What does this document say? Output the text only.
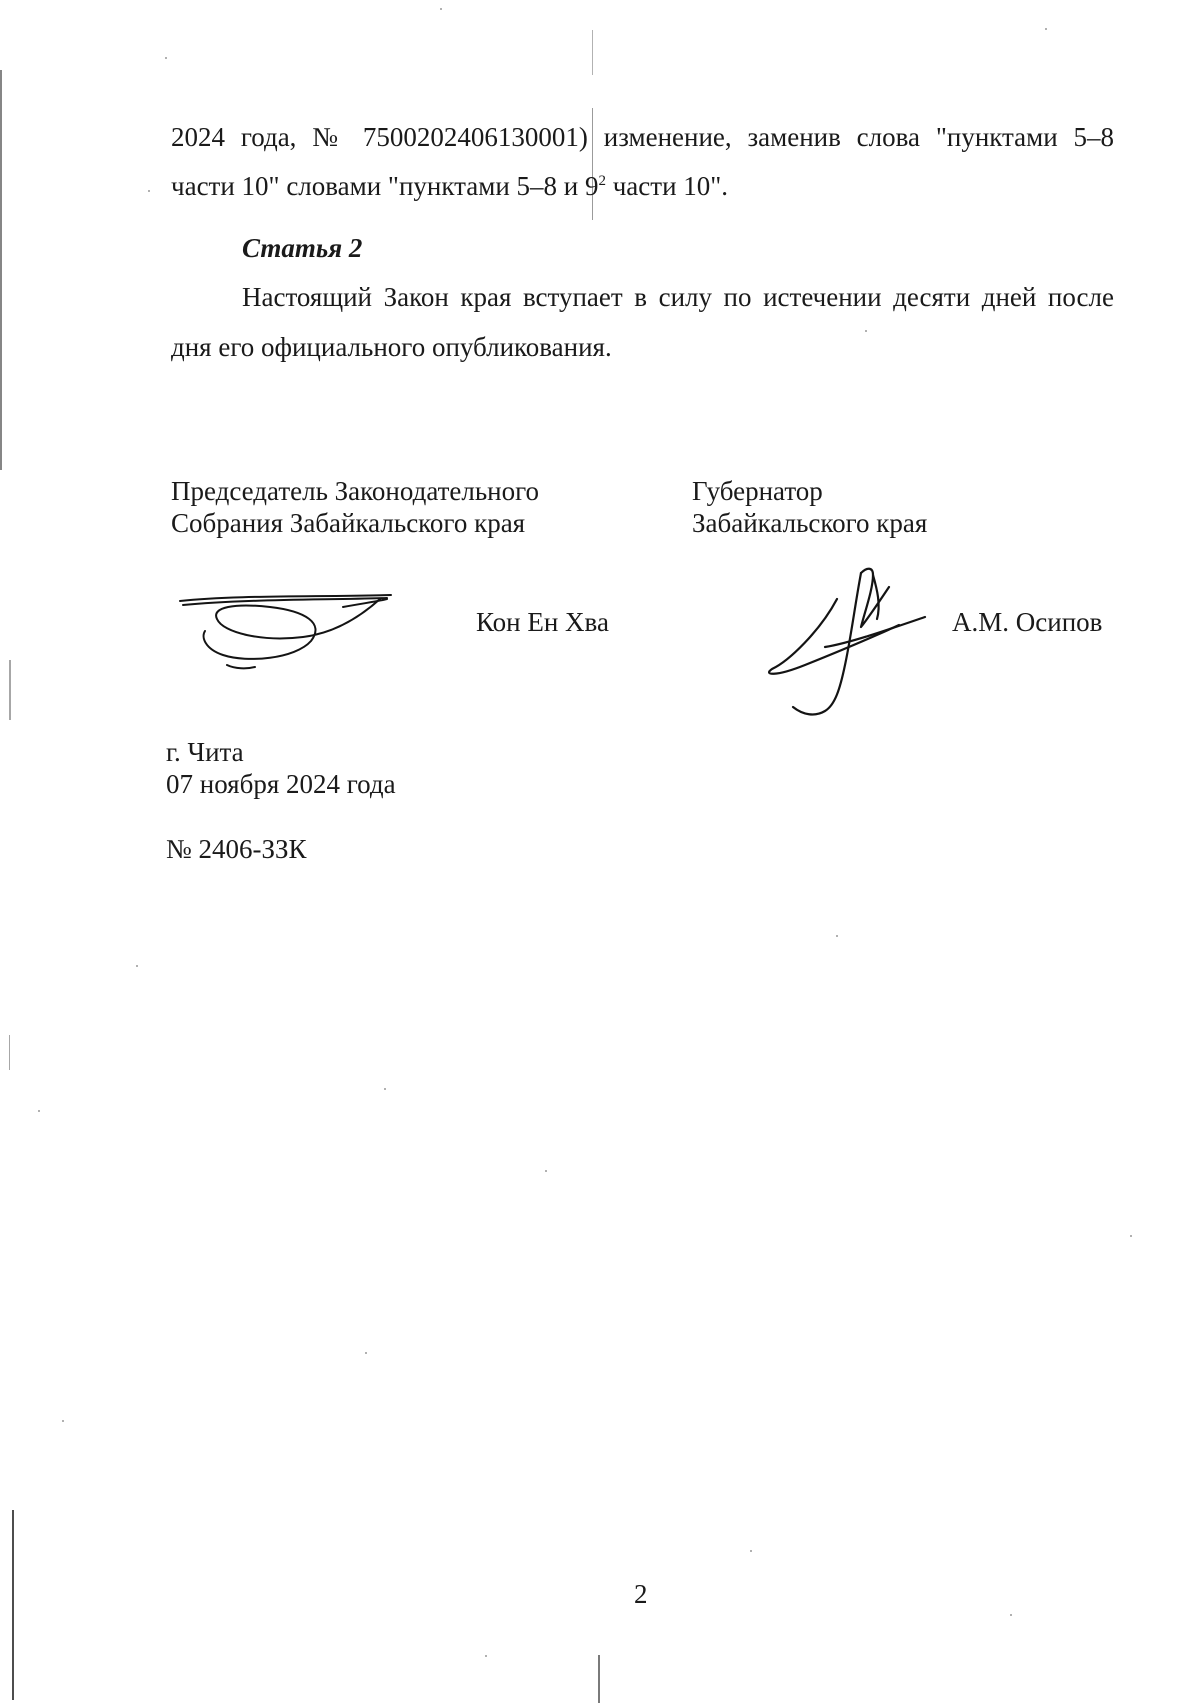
2024 года, № 7500202406130001) изменение, заменив слова "пунктами 5–8
части 10" словами "пунктами 5–8 и $9^2$ части 10".
Статья 2
Настоящий Закон края вступает в силу по истечении десяти дней после
дня его официального опубликования.
Председатель Законодательного
Собрания Забайкальского края
Кон Ен Хва
Губернатор
Забайкальского края
А.М. Осипов
г. Чита
07 ноября 2024 года
№ 2406-ЗЗК
2
